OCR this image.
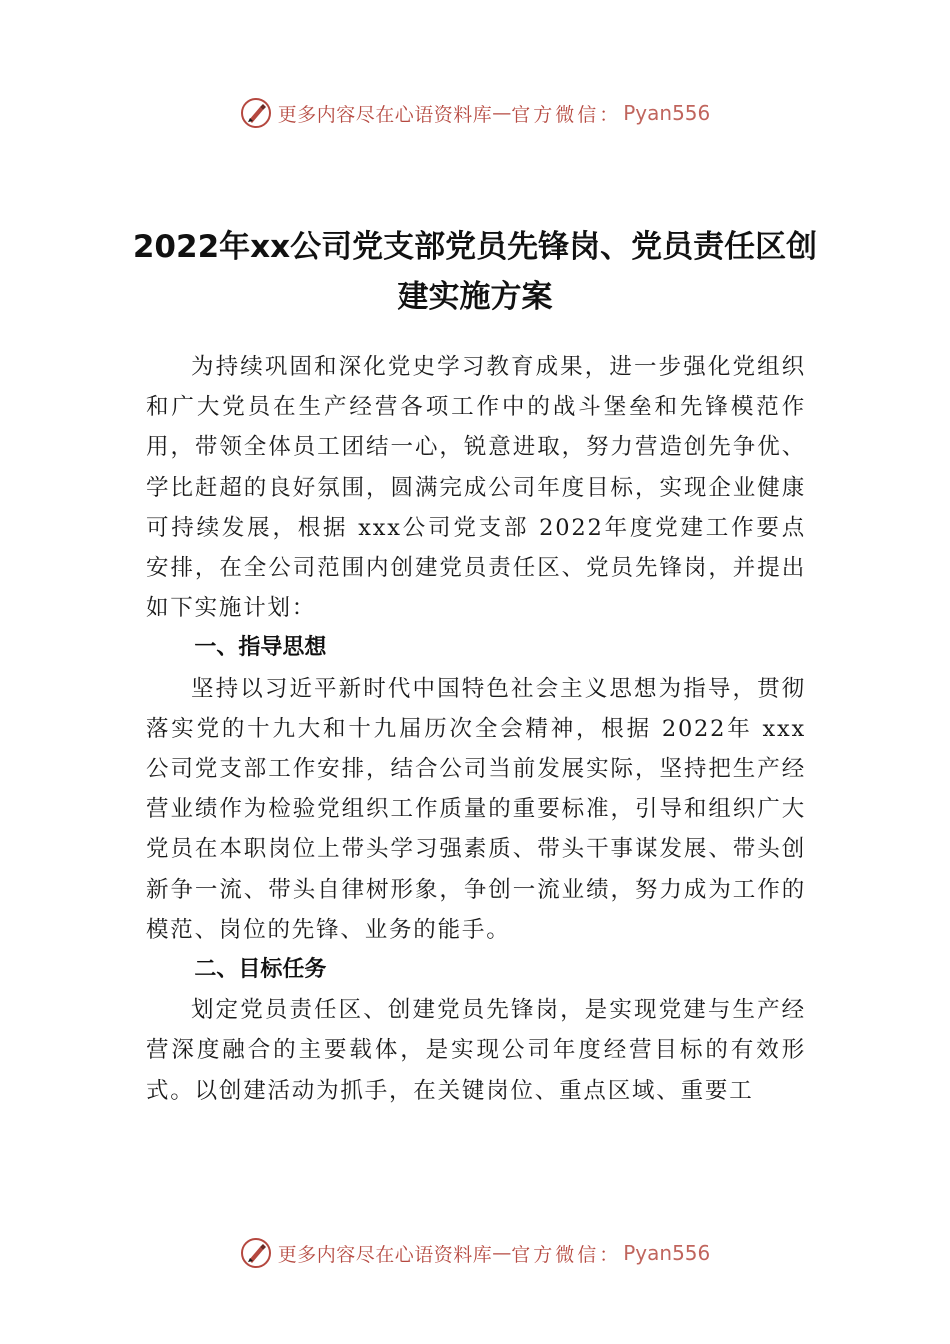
更多内容尽在心语资料库 — 官方微信： Pyan556
2022年xx公司党支部党员先锋岗、党员责任区创建实施方案

为持续巩固和深化党史学习教育成果，进一步强化党组织和广大党员在生产经营各项工作中的战斗堡垒和先锋模范作用，带领全体员工团结一心，锐意进取，努力营造创先争优、学比赶超的良好氛围，圆满完成公司年度目标，实现企业健康可持续发展，根据 xxx公司党支部 2022年度党建工作要点安排，在全公司范围内创建党员责任区、党员先锋岗，并提出如下实施计划：

一、指导思想

坚持以习近平新时代中国特色社会主义思想为指导，贯彻落实党的十九大和十九届历次全会精神，根据 2022年 xxx公司党支部工作安排，结合公司当前发展实际，坚持把生产经营业绩作为检验党组织工作质量的重要标准，引导和组织广大党员在本职岗位上带头学习强素质、带头干事谋发展、带头创新争一流、带头自律树形象，争创一流业绩，努力成为工作的模范、岗位的先锋、业务的能手。

二、目标任务

划定党员责任区、创建党员先锋岗，是实现党建与生产经营深度融合的主要载体，是实现公司年度经营目标的有效形式。以创建活动为抓手，在关键岗位、重点区域、重要工

更多内容尽在心语资料库 — 官方微信： Pyan556
